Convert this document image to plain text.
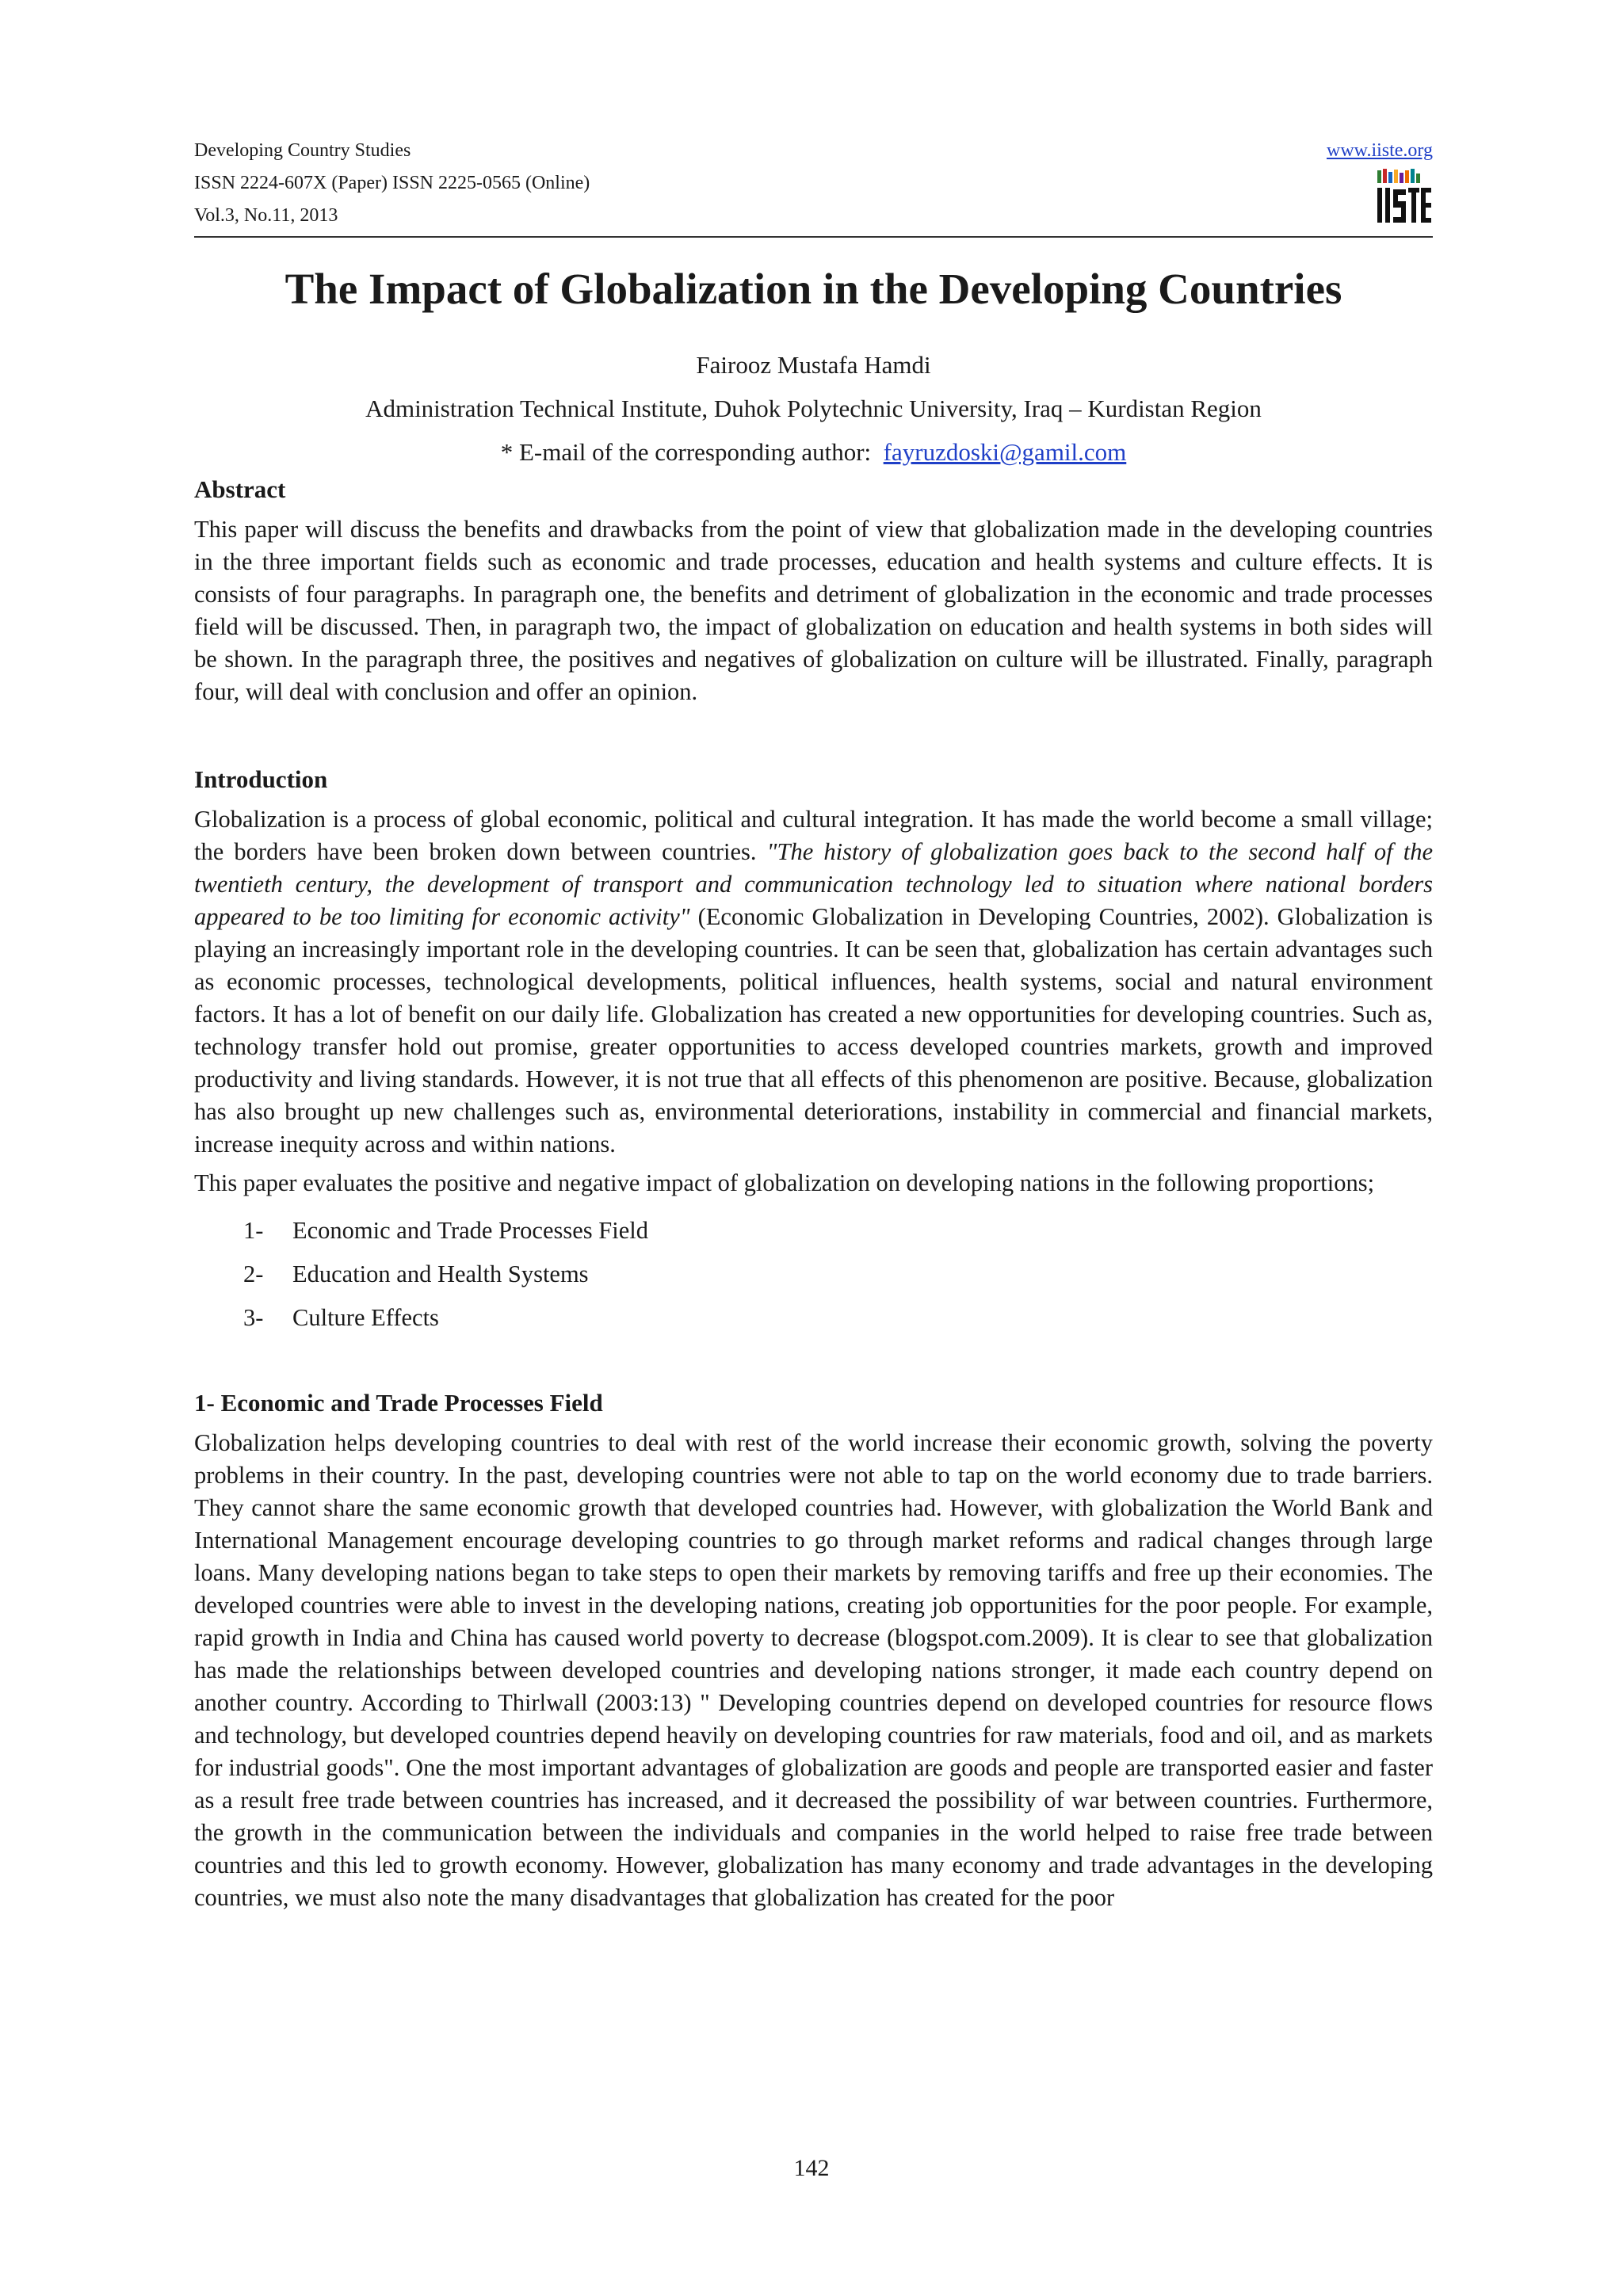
Developing Country Studies
ISSN 2224-607X (Paper) ISSN 2225-0565 (Online)
Vol.3, No.11, 2013
www.iiste.org
The Impact of Globalization in the Developing Countries
Fairooz Mustafa Hamdi
Administration Technical Institute, Duhok Polytechnic University, Iraq – Kurdistan Region
* E-mail of the corresponding author: fayruzdoski@gamil.com
Abstract

This paper will discuss the benefits and drawbacks from the point of view that globalization made in the developing countries in the three important fields such as economic and trade processes, education and health systems and culture effects. It is consists of four paragraphs. In paragraph one, the benefits and detriment of globalization in the economic and trade processes field will be discussed. Then, in paragraph two, the impact of globalization on education and health systems in both sides will be shown. In the paragraph three, the positives and negatives of globalization on culture will be illustrated. Finally, paragraph four, will deal with conclusion and offer an opinion.

Introduction

Globalization is a process of global economic, political and cultural integration. It has made the world become a small village; the borders have been broken down between countries. "The history of globalization goes back to the second half of the twentieth century, the development of transport and communication technology led to situation where national borders appeared to be too limiting for economic activity" (Economic Globalization in Developing Countries, 2002). Globalization is playing an increasingly important role in the developing countries. It can be seen that, globalization has certain advantages such as economic processes, technological developments, political influences, health systems, social and natural environment factors. It has a lot of benefit on our daily life. Globalization has created a new opportunities for developing countries. Such as, technology transfer hold out promise, greater opportunities to access developed countries markets, growth and improved productivity and living standards. However, it is not true that all effects of this phenomenon are positive. Because, globalization has also brought up new challenges such as, environmental deteriorations, instability in commercial and financial markets, increase inequity across and within nations.

This paper evaluates the positive and negative impact of globalization on developing nations in the following proportions;

1- Economic and Trade Processes Field
2- Education and Health Systems
3- Culture Effects
1- Economic and Trade Processes Field

Globalization helps developing countries to deal with rest of the world increase their economic growth, solving the poverty problems in their country. In the past, developing countries were not able to tap on the world economy due to trade barriers. They cannot share the same economic growth that developed countries had. However, with globalization the World Bank and International Management encourage developing countries to go through market reforms and radical changes through large loans. Many developing nations began to take steps to open their markets by removing tariffs and free up their economies. The developed countries were able to invest in the developing nations, creating job opportunities for the poor people. For example, rapid growth in India and China has caused world poverty to decrease (blogspot.com.2009). It is clear to see that globalization has made the relationships between developed countries and developing nations stronger, it made each country depend on another country. According to Thirlwall (2003:13) " Developing countries depend on developed countries for resource flows and technology, but developed countries depend heavily on developing countries for raw materials, food and oil, and as markets for industrial goods". One the most important advantages of globalization are goods and people are transported easier and faster as a result free trade between countries has increased, and it decreased the possibility of war between countries. Furthermore, the growth in the communication between the individuals and companies in the world helped to raise free trade between countries and this led to growth economy. However, globalization has many economy and trade advantages in the developing countries, we must also note the many disadvantages that globalization has created for the poor

142
